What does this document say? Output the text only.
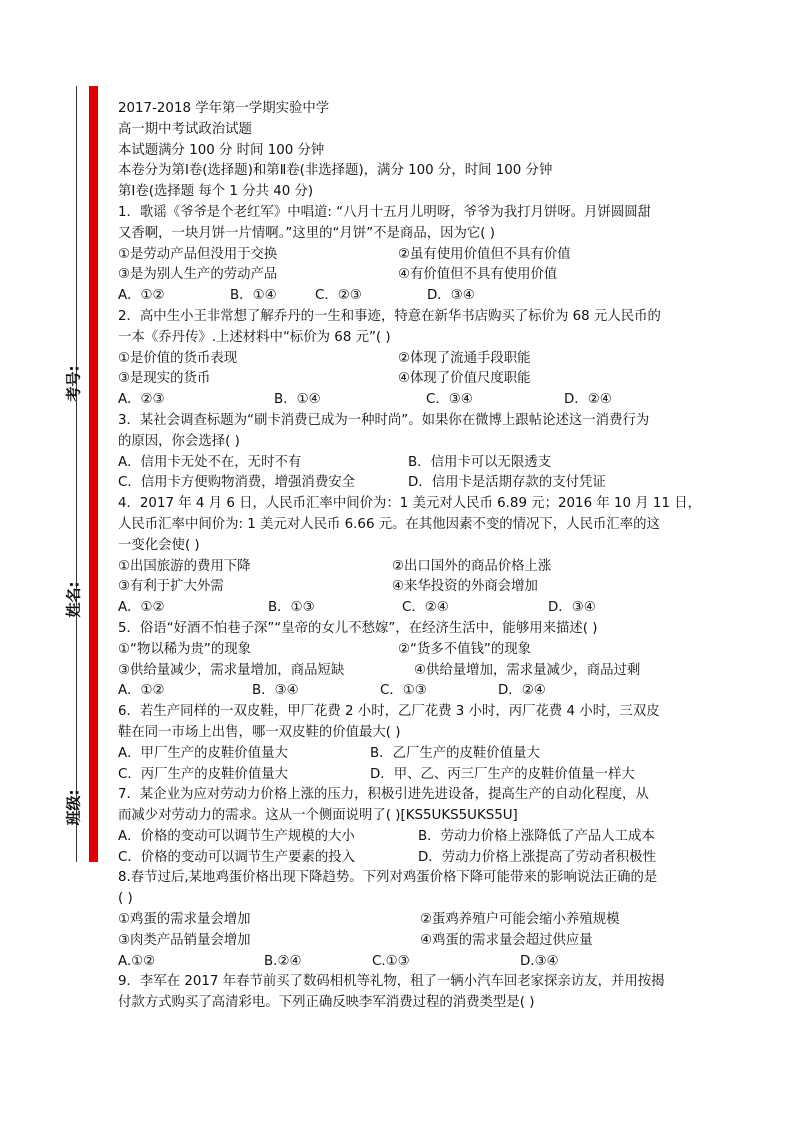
考号:
姓名:
班级:
2017-2018 学年第一学期实验中学
高一期中考试政治试题
本试题满分 100 分 时间 100 分钟
本卷分为第Ⅰ卷(选择题)和第Ⅱ卷(非选择题)，满分 100 分，时间 100 分钟
第Ⅰ卷(选择题 每个 1 分共 40 分)
1．歌谣《爷爷是个老红军》中唱道: “八月十五月儿明呀，爷爷为我打月饼呀。月饼圆圆甜
又香啊，一块月饼一片情啊。”这里的“月饼”不是商品，因为它( )
①是劳动产品但没用于交换	②虽有使用价值但不具有价值
③是为别人生产的劳动产品	④有价值但不具有使用价值
A．①②	B．①④	C．②③	D．③④
2．高中生小王非常想了解乔丹的一生和事迹，特意在新华书店购买了标价为 68 元人民币的
一本《乔丹传》.上述材料中“标价为 68 元”( )
①是价值的货币表现	②体现了流通手段职能
③是现实的货币	④体现了价值尺度职能
A．②③	B．①④	C．③④	D．②④
3．某社会调查标题为“刷卡消费已成为一种时尚”。如果你在微博上跟帖论述这一消费行为
的原因，你会选择( )
A．信用卡无处不在，无时不有	B．信用卡可以无限透支
C．信用卡方便购物消费，增强消费安全	D．信用卡是活期存款的支付凭证
4．2017 年 4 月 6 日，人民币汇率中间价为：1 美元对人民币 6.89 元；2016 年 10 月 11 日，
人民币汇率中间价为: 1 美元对人民币 6.66 元。在其他因素不变的情况下，人民币汇率的这
一变化会使( )
①出国旅游的费用下降	②出口国外的商品价格上涨
③有利于扩大外需	④来华投资的外商会增加
A．①②	B．①③	C．②④	D．③④
5．俗语“好酒不怕巷子深”“皇帝的女儿不愁嫁”，在经济生活中，能够用来描述( )
①“物以稀为贵”的现象	②“货多不值钱”的现象
③供给量减少，需求量增加，商品短缺	④供给量增加，需求量减少，商品过剩
A．①②	B．③④	C．①③	D．②④
6．若生产同样的一双皮鞋，甲厂花费 2 小时，乙厂花费 3 小时，丙厂花费 4 小时，三双皮
鞋在同一市场上出售，哪一双皮鞋的价值最大( )
A．甲厂生产的皮鞋价值量大	B．乙厂生产的皮鞋价值量大
C．丙厂生产的皮鞋价值量大	D．甲、乙、丙三厂生产的皮鞋价值量一样大
7．某企业为应对劳动力价格上涨的压力，积极引进先进设备，提高生产的自动化程度，从
而减少对劳动力的需求。这从一个侧面说明了( )[KS5UKS5UKS5U]
A．价格的变动可以调节生产规模的大小	B．劳动力价格上涨降低了产品人工成本
C．价格的变动可以调节生产要素的投入	D．劳动力价格上涨提高了劳动者积极性
8.春节过后,某地鸡蛋价格出现下降趋势。下列对鸡蛋价格下降可能带来的影响说法正确的是
( )
①鸡蛋的需求量会增加	②蛋鸡养殖户可能会缩小养殖规模
③肉类产品销量会增加	④鸡蛋的需求量会超过供应量
A.①②	B.②④	C.①③	D.③④
9．李军在 2017 年春节前买了数码相机等礼物，租了一辆小汽车回老家探亲访友，并用按揭
付款方式购买了高清彩电。下列正确反映李军消费过程的消费类型是( )
